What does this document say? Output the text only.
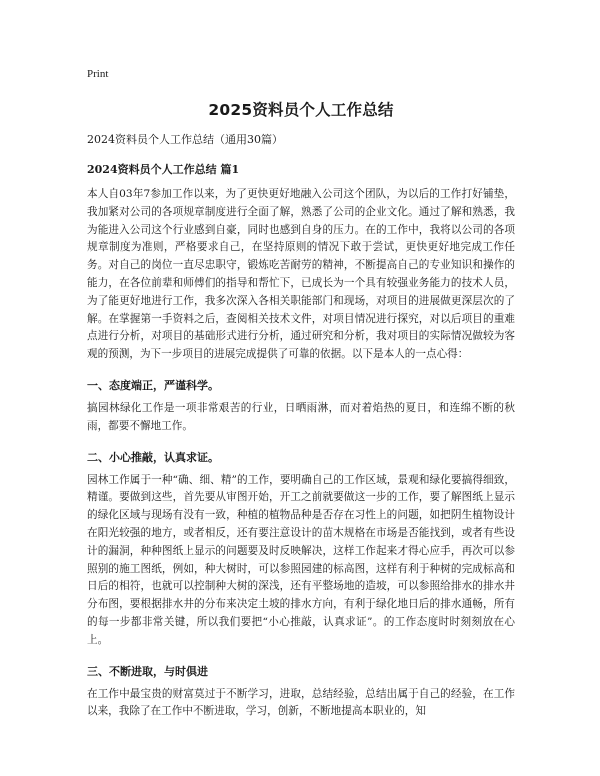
Print

2025资料员个人工作总结

2024资料员个人工作总结（通用30篇）

2024资料员个人工作总结 篇1

本人自03年7参加工作以来，为了更快更好地融入公司这个团队，为以后的工作打好铺垫，我加紧对公司的各项规章制度进行全面了解，熟悉了公司的企业文化。通过了解和熟悉，我为能进入公司这个行业感到自豪，同时也感到自身的压力。在的工作中，我将以公司的各项规章制度为准则，严格要求自己，在坚持原则的情况下敢于尝试，更快更好地完成工作任务。对自己的岗位一直尽忠职守，锻炼吃苦耐劳的精神，不断提高自己的专业知识和操作的能力，在各位前辈和师傅们的指导和帮忙下，已成长为一个具有较强业务能力的技术人员，为了能更好地进行工作，我多次深入各相关职能部门和现场，对项目的进展做更深层次的了解。在掌握第一手资料之后，查阅相关技术文件，对项目情况进行探究，对以后项目的重难点进行分析，对项目的基础形式进行分析，通过研究和分析，我对项目的实际情况做较为客观的预测，为下一步项目的进展完成提供了可靠的依据。以下是本人的一点心得：

一、态度端正，严谨科学。

搞园林绿化工作是一项非常艰苦的行业，日晒雨淋，而对着焰热的夏日，和连绵不断的秋雨，都要不懈地工作。

二、小心推敲，认真求证。

园林工作属于一种“确、细、精”的工作，要明确自己的工作区域，景观和绿化要搞得细致，精谨。要做到这些，首先要从审图开始，开工之前就要做这一步的工作，要了解图纸上显示的绿化区域与现场有没有一致，种植的植物品种是否存在习性上的问题，如把阴生植物设计在阳光较强的地方，或者相反，还有要注意设计的苗木规格在市场是否能找到，或者有些设计的漏洞，种种图纸上显示的问题要及时反映解决，这样工作起来才得心应手，再次可以参照别的施工图纸，例如，种大树时，可以参照园建的标高图，这样有利于种树的完成标高和日后的相符，也就可以控制种大树的深浅，还有平整场地的造坡，可以参照给排水的排水井分布图，要根据排水井的分布来决定土坡的排水方向，有利于绿化地日后的排水通畅，所有的每一步都非常关键，所以我们要把“小心推敲，认真求证”。的工作态度时时刻刻放在心上。

三、不断进取，与时俱进

在工作中最宝贵的财富莫过于不断学习，进取，总结经验，总结出属于自己的经验，在工作以来，我除了在工作中不断进取，学习，创新，不断地提高本职业的，知
